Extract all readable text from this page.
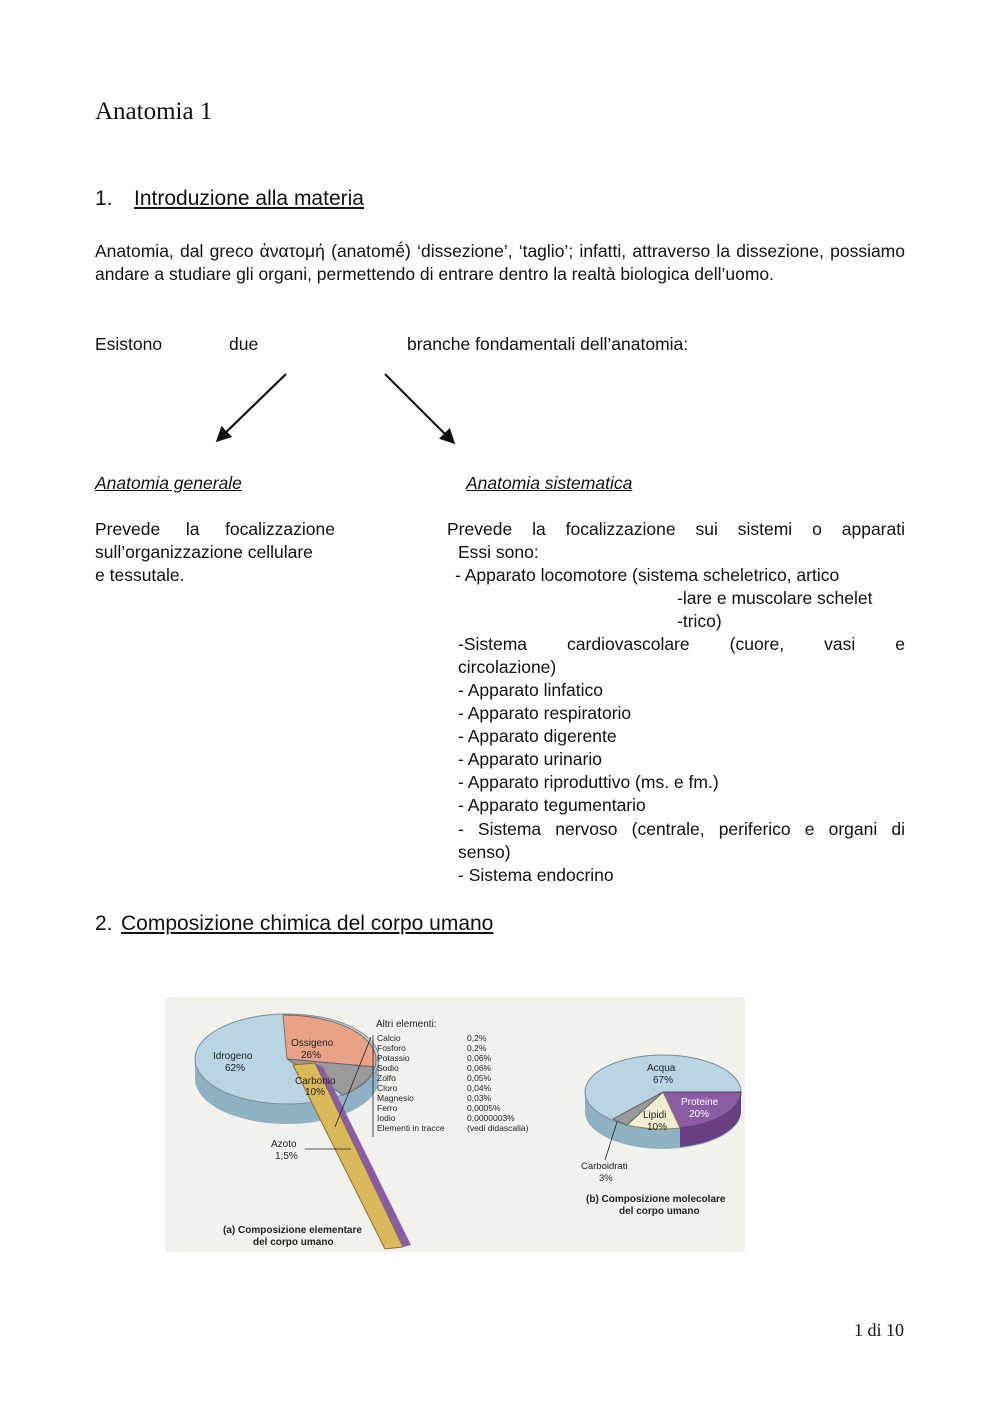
Anatomia 1
1. Introduzione alla materia
Anatomia, dal greco ἀνατομή (anatomḗ) ‘dissezione’, ‘taglio’; infatti, attraverso la dissezione, possiamo andare a studiare gli organi, permettendo di entrare dentro la realtà biologica dell’uomo.
Esistono	due	branche fondamentali dell’anatomia:
Anatomia generale
Prevede la focalizzazione
sull’organizzazione cellulare
e tessutale.
Anatomia sistematica
Prevede la focalizzazione sui sistemi o apparati
Essi sono:
- Apparato locomotore (sistema scheletrico, artico
-lare e muscolare schelet
-trico)
-Sistema cardiovascolare (cuore, vasi e
circolazione)
- Apparato linfatico
- Apparato respiratorio
- Apparato digerente
- Apparato urinario
- Apparato riproduttivo (ms. e fm.)
- Apparato tegumentario
- Sistema nervoso (centrale, periferico e organi di
senso)
- Sistema endocrino
2. Composizione chimica del corpo umano
Idrogeno
62%
Ossigeno
26%
Carbonio
10%
Azoto
1,5%
(a) Composizione elementare
del corpo umano
Altri elementi:
Calcio	0,2%
Fosforo	0,2%
Potassio	0,06%
Sodio	0,06%
Zolfo	0,05%
Cloro	0,04%
Magnesio	0,03%
Ferro	0,0005%
Iodio	0,0000003%
Elementi in tracce	(vedi didascalia)
Acqua
67%
Proteine
20%
Lipidi
10%
Carboidrati
3%
(b) Composizione molecolare
del corpo umano
1 di 10
